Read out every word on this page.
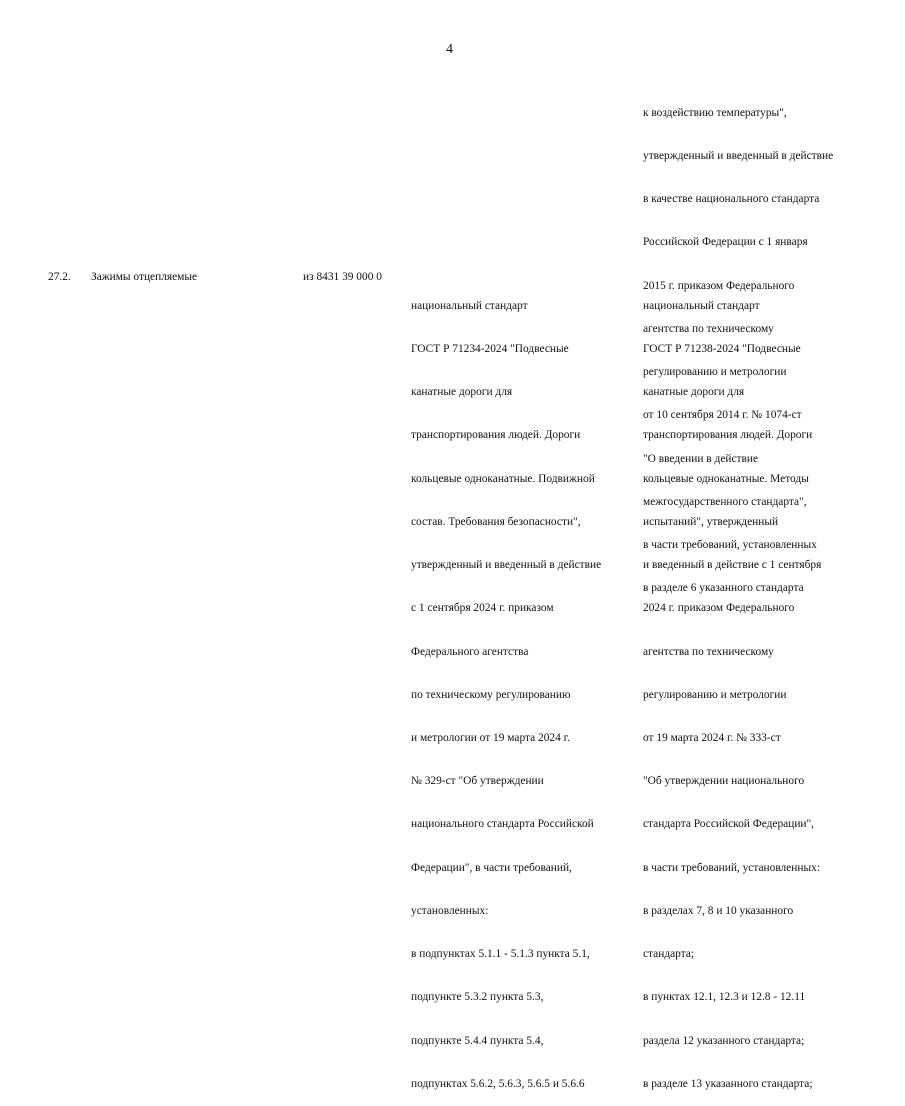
4

к воздействию температуры",

утвержденный и введенный в действие

в качестве национального стандарта

Российской Федерации с 1 января

2015 г. приказом Федерального

агентства по техническому

регулированию и метрологии

от 10 сентября 2014 г. № 1074-ст

"О введении в действие

межгосударственного стандарта",

в части требований, установленных

в разделе 6 указанного стандарта

27.2. Зажимы отцепляемые	из 8431 39 000 0

национальный стандарт

ГОСТ Р 71234-2024 "Подвесные

канатные дороги для

транспортирования людей. Дороги

кольцевые одноканатные. Подвижной

состав. Требования безопасности",

утвержденный и введенный в действие

с 1 сентября 2024 г. приказом

Федерального агентства

по техническому регулированию

и метрологии от 19 марта 2024 г.

№ 329-ст "Об утверждении

национального стандарта Российской

Федерации", в части требований,

установленных:

в подпунктах 5.1.1 - 5.1.3 пункта 5.1,

подпункте 5.3.2 пункта 5.3,

подпункте 5.4.4 пункта 5.4,

подпунктах 5.6.2, 5.6.3, 5.6.5 и 5.6.6

национальный стандарт

ГОСТ Р 71238-2024 "Подвесные

канатные дороги для

транспортирования людей. Дороги

кольцевые одноканатные. Методы

испытаний", утвержденный

и введенный в действие с 1 сентября

2024 г. приказом Федерального

агентства по техническому

регулированию и метрологии

от 19 марта 2024 г. № 333-ст

"Об утверждении национального

стандарта Российской Федерации",

в части требований, установленных:

в разделах 7, 8 и 10 указанного

стандарта;

в пунктах 12.1, 12.3 и 12.8 - 12.11

раздела 12 указанного стандарта;

в разделе 13 указанного стандарта;
